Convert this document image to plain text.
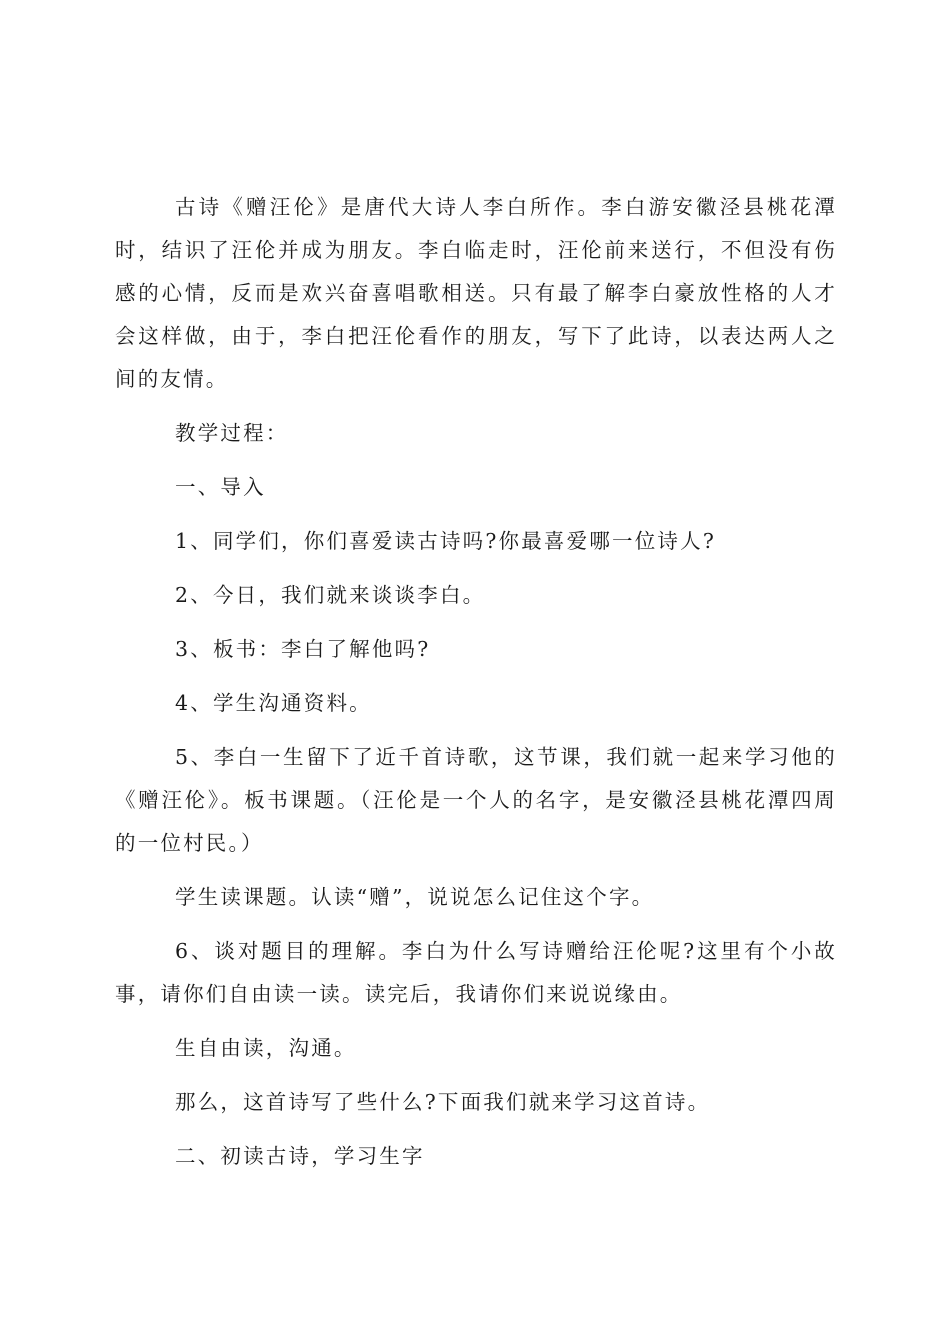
古诗《赠汪伦》是唐代大诗人李白所作。李白游安徽泾县桃花潭时，结识了汪伦并成为朋友。李白临走时，汪伦前来送行，不但没有伤感的心情，反而是欢兴奋喜唱歌相送。只有最了解李白豪放性格的人才会这样做，由于，李白把汪伦看作的朋友，写下了此诗，以表达两人之间的友情。

教学过程：

一、导入

1、同学们，你们喜爱读古诗吗?你最喜爱哪一位诗人?

2、今日，我们就来谈谈李白。

3、板书：李白了解他吗?

4、学生沟通资料。

5、李白一生留下了近千首诗歌，这节课，我们就一起来学习他的《赠汪伦》。板书课题。（汪伦是一个人的名字，是安徽泾县桃花潭四周的一位村民。）

学生读课题。认读“赠”，说说怎么记住这个字。

6、谈对题目的理解。李白为什么写诗赠给汪伦呢?这里有个小故事，请你们自由读一读。读完后，我请你们来说说缘由。

生自由读，沟通。

那么，这首诗写了些什么?下面我们就来学习这首诗。

二、初读古诗，学习生字
